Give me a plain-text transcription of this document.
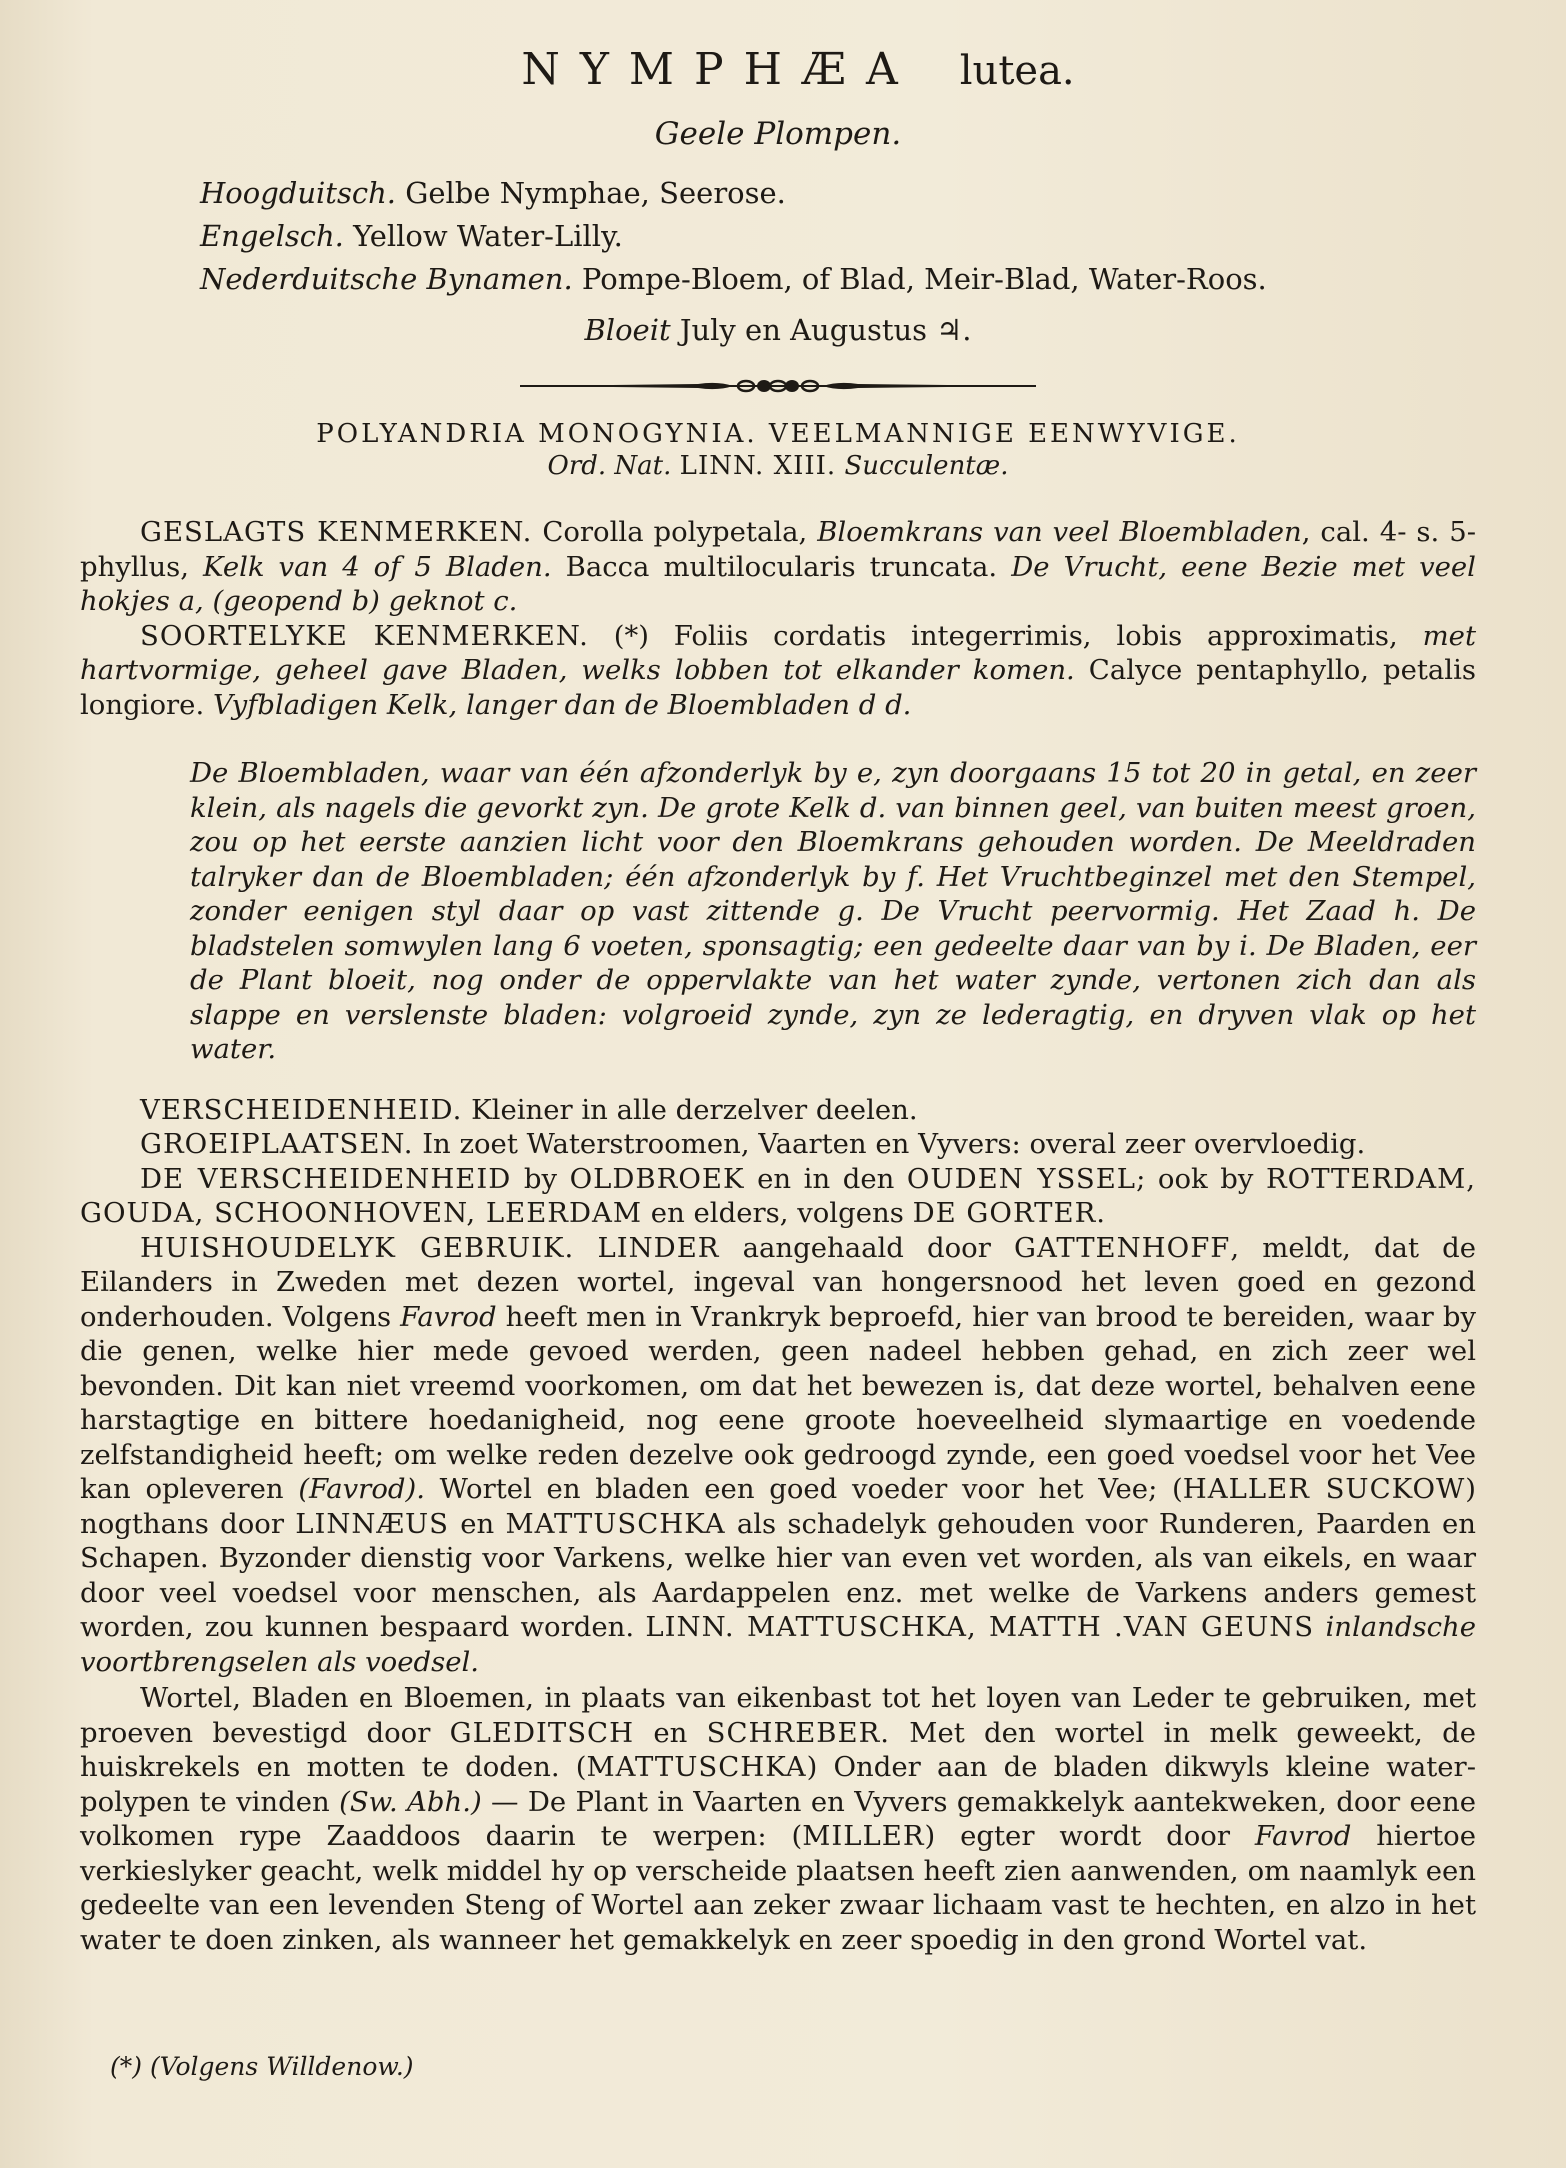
NYMPHÆA lutea.
Geele Plompen.
Hoogduitsch. Gelbe Nymphae, Seerose.
Engelsch. Yellow Water-Lilly.
Nederduitsche Bynamen. Pompe-Bloem, of Blad, Meir-Blad, Water-Roos.
Bloeit July en Augustus ♃.
POLYANDRIA MONOGYNIA. VEELMANNIGE EENWYVIGE.
Ord. Nat. LINN. XIII. Succulentæ.

GESLAGTS KENMERKEN. Corolla polypetala, Bloemkrans van veel Bloembladen, cal. 4- s. 5- phyllus, Kelk van 4 of 5 Bladen. Bacca multilocularis truncata. De Vrucht, eene Bezie met veel hokjes a, (geopend b) geknot c.

SOORTELYKE KENMERKEN. (*) Foliis cordatis integerrimis, lobis approximatis, met hartvormige, geheel gave Bladen, welks lobben tot elkander komen. Calyce pentaphyllo, petalis longiore. Vyfbladigen Kelk, langer dan de Bloembladen d d.

De Bloembladen, waar van één afzonderlyk by e, zyn doorgaans 15 tot 20 in getal, en zeer klein, als nagels die gevorkt zyn. De grote Kelk d. van binnen geel, van buiten meest groen, zou op het eerste aanzien licht voor den Bloemkrans gehouden worden. De Meeldraden talryker dan de Bloembladen; één afzonderlyk by f. Het Vruchtbeginzel met den Stempel, zonder eenigen styl daar op vast zittende g. De Vrucht peervormig. Het Zaad h. De bladstelen somwylen lang 6 voeten, sponsagtig; een gedeelte daar van by i. De Bladen, eer de Plant bloeit, nog onder de oppervlakte van het water zynde, vertonen zich dan als slappe en verslenste bladen: volgroeid zynde, zyn ze lederagtig, en dryven vlak op het water.

VERSCHEIDENHEID. Kleiner in alle derzelver deelen.

GROEIPLAATSEN. In zoet Waterstroomen, Vaarten en Vyvers: overal zeer overvloedig.

DE VERSCHEIDENHEID by OLDBROEK en in den OUDEN YSSEL; ook by ROTTERDAM, GOUDA, SCHOONHOVEN, LEERDAM en elders, volgens DE GORTER.

HUISHOUDELYK GEBRUIK. LINDER aangehaald door GATTENHOFF, meldt, dat de Eilanders in Zweden met dezen wortel, ingeval van hongersnood het leven goed en gezond onderhouden. Volgens Favrod heeft men in Vrankryk beproefd, hier van brood te bereiden, waar by die genen, welke hier mede gevoed werden, geen nadeel hebben gehad, en zich zeer wel bevonden. Dit kan niet vreemd voorkomen, om dat het bewezen is, dat deze wortel, behalven eene harstagtige en bittere hoedanigheid, nog eene groote hoeveelheid slymaartige en voedende zelfstandigheid heeft; om welke reden dezelve ook gedroogd zynde, een goed voedsel voor het Vee kan opleveren (Favrod). Wortel en bladen een goed voeder voor het Vee; (HALLER SUCKOW) nogthans door LINNÆUS en MATTUSCHKA als schadelyk gehouden voor Runderen, Paarden en Schapen. Byzonder dienstig voor Varkens, welke hier van even vet worden, als van eikels, en waar door veel voedsel voor menschen, als Aardappelen enz. met welke de Varkens anders gemest worden, zou kunnen bespaard worden. LINN. MATTUSCHKA, MATTH .VAN GEUNS inlandsche voortbrengselen als voedsel.

Wortel, Bladen en Bloemen, in plaats van eikenbast tot het loyen van Leder te gebruiken, met proeven bevestigd door GLEDITSCH en SCHREBER. Met den wortel in melk geweekt, de huiskrekels en motten te doden. (MATTUSCHKA) Onder aan de bladen dikwyls kleine water-polypen te vinden (Sw. Abh.) — De Plant in Vaarten en Vyvers gemakkelyk aantekweken, door eene volkomen rype Zaaddoos daarin te werpen: (MILLER) egter wordt door Favrod hiertoe verkieslyker geacht, welk middel hy op verscheide plaatsen heeft zien aanwenden, om naamlyk een gedeelte van een levenden Steng of Wortel aan zeker zwaar lichaam vast te hechten, en alzo in het water te doen zinken, als wanneer het gemakkelyk en zeer spoedig in den grond Wortel vat.

(*) (Volgens Willdenow.)
